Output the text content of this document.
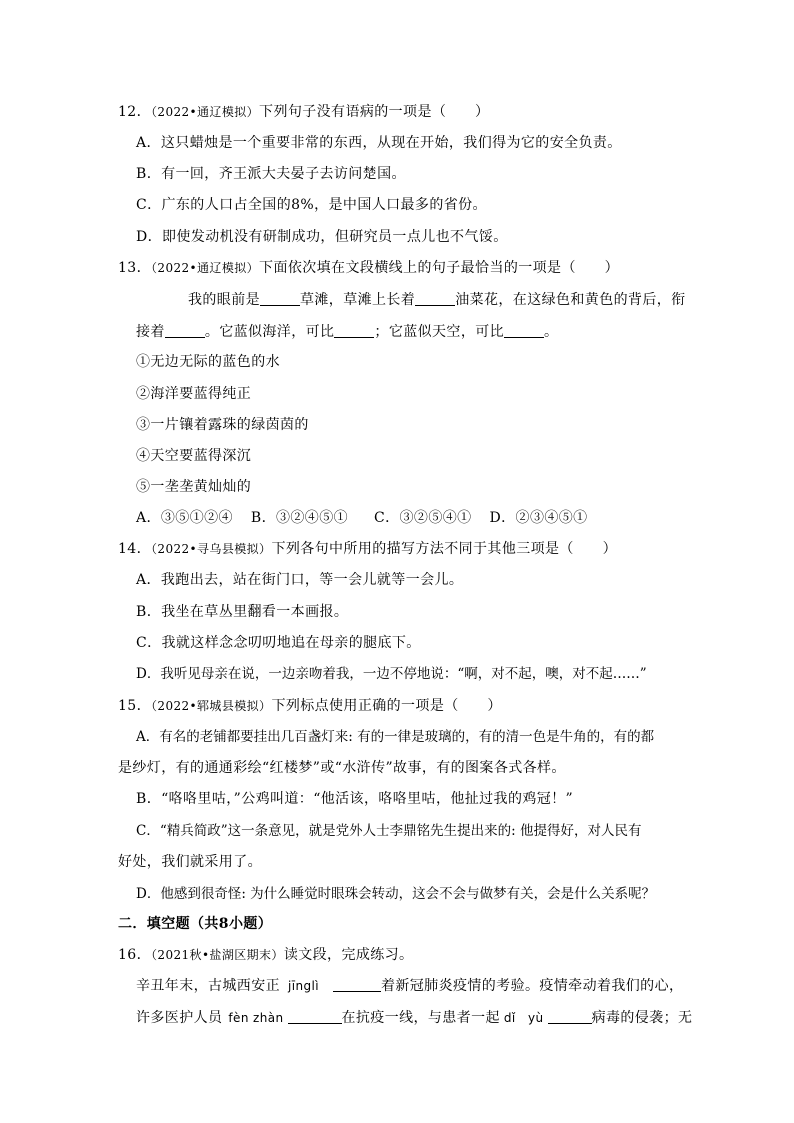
12．（2022•通辽模拟）下列句子没有语病的一项是（　　）
A．这只蜡烛是一个重要非常的东西，从现在开始，我们得为它的安全负责。
B．有一回，齐王派大夫晏子去访问楚国。
C．广东的人口占全国的8%，是中国人口最多的省份。
D．即使发动机没有研制成功，但研究员一点儿也不气馁。
13．（2022•通辽模拟）下面依次填在文段横线上的句子最恰当的一项是（　　）
我的眼前是	草滩，草滩上长着	油菜花，在这绿色和黄色的背后，衔
接着	。它蓝似海洋，可比	；它蓝似天空，可比	。
①无边无际的蓝色的水
②海洋要蓝得纯正
③一片镶着露珠的绿茵茵的
④天空要蓝得深沉
⑤一垄垄黄灿灿的
A．③⑤①②④ B．③②④⑤① C．③②⑤④① D．②③④⑤①
14．（2022•寻乌县模拟）下列各句中所用的描写方法不同于其他三项是（　　）
A．我跑出去，站在街门口，等一会儿就等一会儿。
B．我坐在草丛里翻看一本画报。
C．我就这样念念叨叨地追在母亲的腿底下。
D．我听见母亲在说，一边亲吻着我，一边不停地说：“啊，对不起，噢，对不起……”
15．（2022•郓城县模拟）下列标点使用正确的一项是（　　）
A．有名的老铺都要挂出几百盏灯来: 有的一律是玻璃的，有的清一色是牛角的，有的都
是纱灯，有的通通彩绘“红楼梦”或“水浒传”故事，有的图案各式各样。
B．“咯咯里咕，”公鸡叫道：“他活该，咯咯里咕，他扯过我的鸡冠！”
C．“精兵简政”这一条意见，就是党外人士李鼎铭先生提出来的: 他提得好，对人民有
好处，我们就采用了。
D．他感到很奇怪: 为什么睡觉时眼珠会转动，这会不会与做梦有关，会是什么关系呢？
二．填空题（共8小题）
16．（2021秋•盐湖区期末）读文段，完成练习。
辛丑年末，古城西安正 jīnglì	着新冠肺炎疫情的考验。疫情牵动着我们的心，
许多医护人员 fèn zhàn	在抗疫一线，与患者一起 dǐ　yù	病毒的侵袭；无
